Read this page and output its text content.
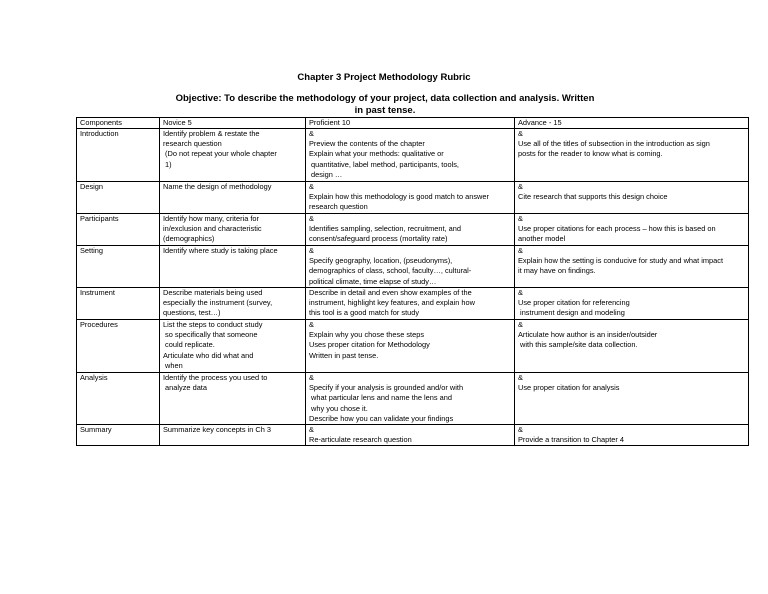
Chapter 3 Project Methodology Rubric
Objective: To describe the methodology of your project, data collection and analysis. Written
in past tense.
Components	Novice 5	Proficient 10	Advance - 15

Introduction	Identify problem & restate the
research question
(Do not repeat your whole chapter
1)	&
Preview the contents of the chapter
Explain what your methods: qualitative or
quantitative, label method, participants, tools,
design …	&
Use all of the titles of subsection in the introduction as sign
posts for the reader to know what is coming.

Design	Name the design of methodology	&
Explain how this methodology is good match to answer
research question	&
Cite research that supports this design choice

Participants	Identify how many, criteria for
in/exclusion and characteristic
(demographics)	&
Identifies sampling, selection, recruitment, and
consent/safeguard process (mortality rate)	&
Use proper citations for each process – how this is based on
another model

Setting	Identify where study is taking place	&
Specify geography, location, (pseudonyms),
demographics of class, school, faculty…, cultural-
political climate, time elapse of study…	&
Explain how the setting is conducive for study and what impact
it may have on findings.

Instrument	Describe materials being used
especially the instrument (survey,
questions, test…)	Describe in detail and even show examples of the
instrument, highlight key features, and explain how
this tool is a good match for study	&
Use proper citation for referencing
instrument design and modeling

Procedures	List the steps to conduct study
so specifically that someone
could replicate.
Articulate who did what and
when	&
Explain why you chose these steps
Uses proper citation for Methodology
Written in past tense.	&
Articulate how author is an insider/outsider
with this sample/site data collection.

Analysis	Identify the process you used to
analyze data	&
Specify if your analysis is grounded and/or with
what particular lens and name the lens and
why you chose it.
Describe how you can validate your findings	&
Use proper citation for analysis

Summary	Summarize key concepts in Ch 3	&
Re-articulate research question	&
Provide a transition to Chapter 4
